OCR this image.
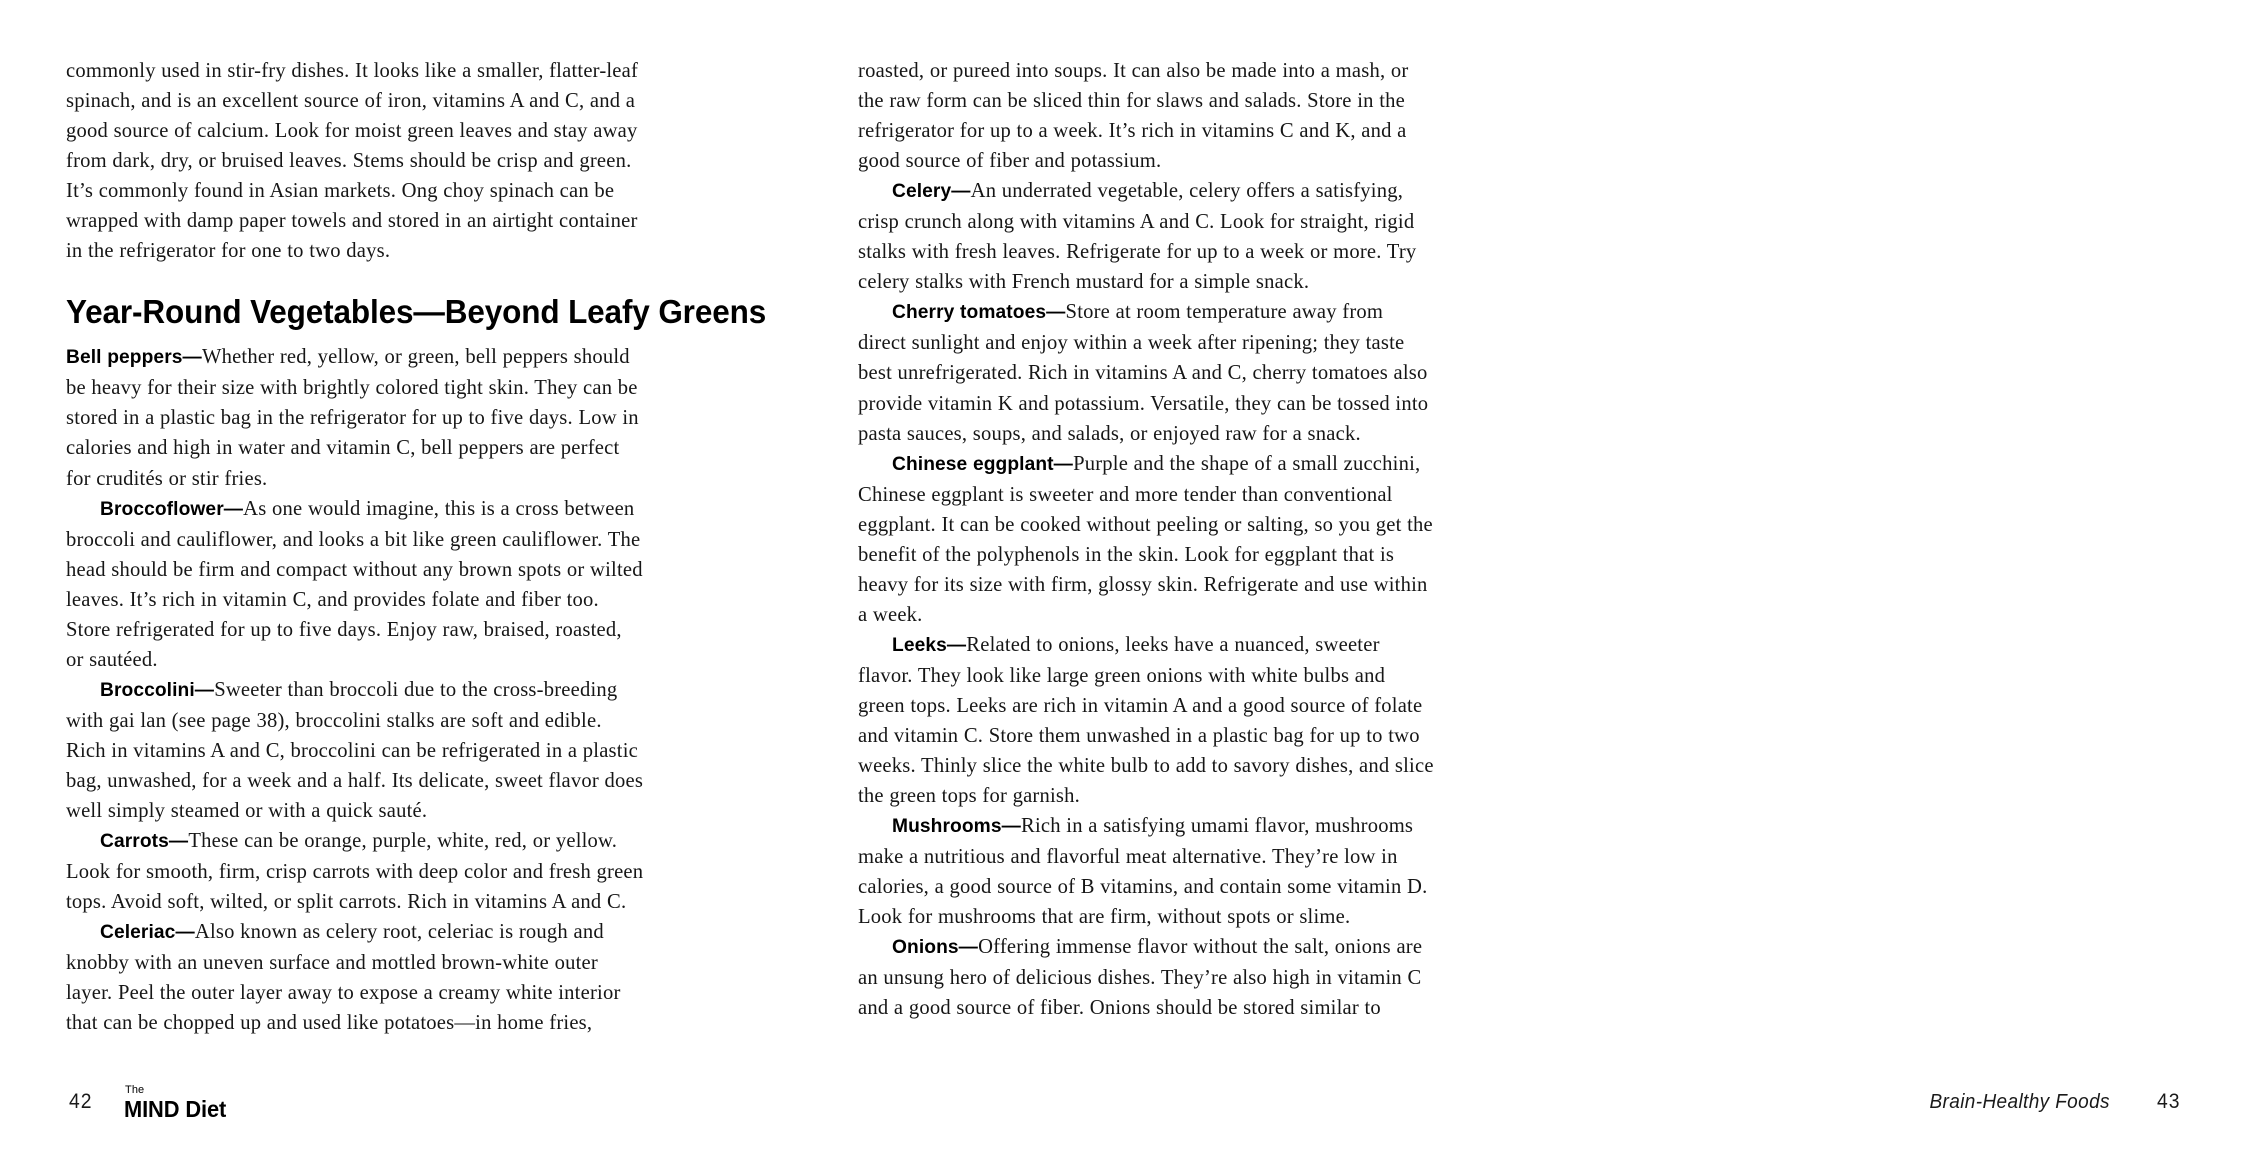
commonly used in stir-fry dishes. It looks like a smaller, flatter-leaf spinach, and is an excellent source of iron, vitamins A and C, and a good source of calcium. Look for moist green leaves and stay away from dark, dry, or bruised leaves. Stems should be crisp and green. It’s commonly found in Asian markets. Ong choy spinach can be wrapped with damp paper towels and stored in an airtight container in the refrigerator for one to two days.

Year-Round Vegetables—Beyond Leafy Greens

Bell peppers—Whether red, yellow, or green, bell peppers should be heavy for their size with brightly colored tight skin. They can be stored in a plastic bag in the refrigerator for up to five days. Low in calories and high in water and vitamin C, bell peppers are perfect for crudités or stir fries.

Broccoflower—As one would imagine, this is a cross between broccoli and cauliflower, and looks a bit like green cauliflower. The head should be firm and compact without any brown spots or wilted leaves. It’s rich in vitamin C, and provides folate and fiber too. Store refrigerated for up to five days. Enjoy raw, braised, roasted, or sautéed.

Broccolini—Sweeter than broccoli due to the cross-breeding with gai lan (see page 38), broccolini stalks are soft and edible. Rich in vitamins A and C, broccolini can be refrigerated in a plastic bag, unwashed, for a week and a half. Its delicate, sweet flavor does well simply steamed or with a quick sauté.

Carrots—These can be orange, purple, white, red, or yellow. Look for smooth, firm, crisp carrots with deep color and fresh green tops. Avoid soft, wilted, or split carrots. Rich in vitamins A and C.

Celeriac—Also known as celery root, celeriac is rough and knobby with an uneven surface and mottled brown-white outer layer. Peel the outer layer away to expose a creamy white interior that can be chopped up and used like potatoes—in home fries,

42	The
MIND Diet

roasted, or pureed into soups. It can also be made into a mash, or the raw form can be sliced thin for slaws and salads. Store in the refrigerator for up to a week. It’s rich in vitamins C and K, and a good source of fiber and potassium.

Celery—An underrated vegetable, celery offers a satisfying, crisp crunch along with vitamins A and C. Look for straight, rigid stalks with fresh leaves. Refrigerate for up to a week or more. Try celery stalks with French mustard for a simple snack.

Cherry tomatoes—Store at room temperature away from direct sunlight and enjoy within a week after ripening; they taste best unrefrigerated. Rich in vitamins A and C, cherry tomatoes also provide vitamin K and potassium. Versatile, they can be tossed into pasta sauces, soups, and salads, or enjoyed raw for a snack.

Chinese eggplant—Purple and the shape of a small zucchini, Chinese eggplant is sweeter and more tender than conventional eggplant. It can be cooked without peeling or salting, so you get the benefit of the polyphenols in the skin. Look for eggplant that is heavy for its size with firm, glossy skin. Refrigerate and use within a week.

Leeks—Related to onions, leeks have a nuanced, sweeter flavor. They look like large green onions with white bulbs and green tops. Leeks are rich in vitamin A and a good source of folate and vitamin C. Store them unwashed in a plastic bag for up to two weeks. Thinly slice the white bulb to add to savory dishes, and slice the green tops for garnish.

Mushrooms—Rich in a satisfying umami flavor, mushrooms make a nutritious and flavorful meat alternative. They’re low in calories, a good source of B vitamins, and contain some vitamin D. Look for mushrooms that are firm, without spots or slime.

Onions—Offering immense flavor without the salt, onions are an unsung hero of delicious dishes. They’re also high in vitamin C and a good source of fiber. Onions should be stored similar to

Brain-Healthy Foods 43
